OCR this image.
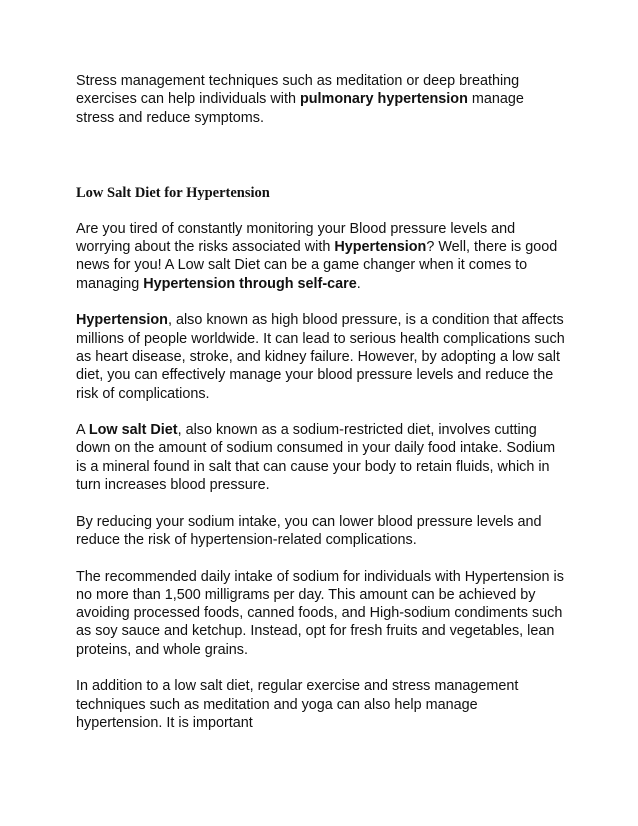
Stress management techniques such as meditation or deep breathing exercises can help individuals with pulmonary hypertension manage stress and reduce symptoms.

Low Salt Diet for Hypertension

Are you tired of constantly monitoring your Blood pressure levels and worrying about the risks associated with Hypertension? Well, there is good news for you! A Low salt Diet can be a game changer when it comes to managing Hypertension through self-care.

Hypertension, also known as high blood pressure, is a condition that affects millions of people worldwide. It can lead to serious health complications such as heart disease, stroke, and kidney failure. However, by adopting a low salt diet, you can effectively manage your blood pressure levels and reduce the risk of complications.

A Low salt Diet, also known as a sodium-restricted diet, involves cutting down on the amount of sodium consumed in your daily food intake. Sodium is a mineral found in salt that can cause your body to retain fluids, which in turn increases blood pressure.

By reducing your sodium intake, you can lower blood pressure levels and reduce the risk of hypertension-related complications.

The recommended daily intake of sodium for individuals with Hypertension is no more than 1,500 milligrams per day. This amount can be achieved by avoiding processed foods, canned foods, and High-sodium condiments such as soy sauce and ketchup. Instead, opt for fresh fruits and vegetables, lean proteins, and whole grains.

In addition to a low salt diet, regular exercise and stress management techniques such as meditation and yoga can also help manage hypertension. It is important
